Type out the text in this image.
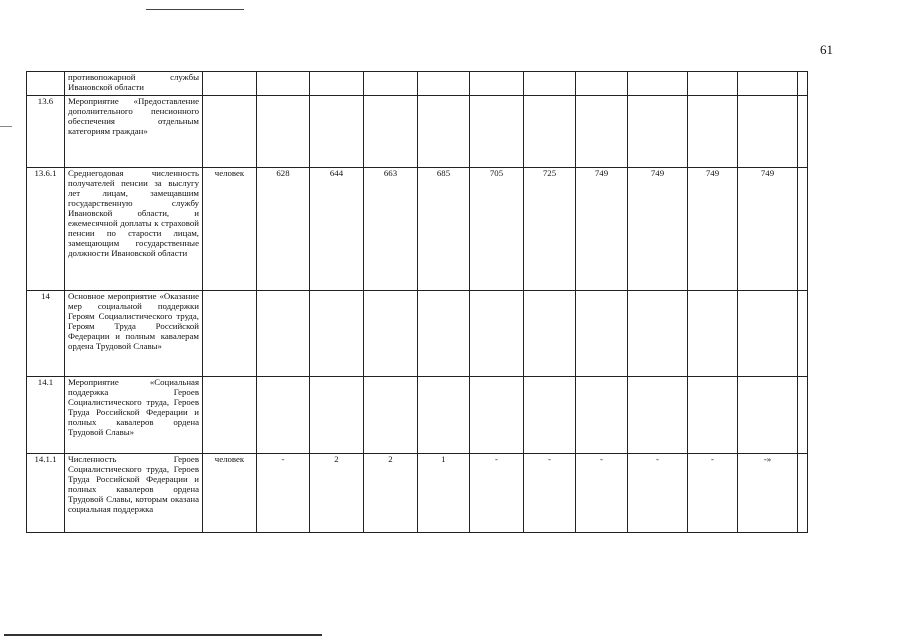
61
	противопожарной службы Ивановской области												
13.6	Мероприятие «Предоставление дополнительного пенсионного обеспечения отдельным категориям граждан»												
13.6.1	Среднегодовая численность получателей пенсии за выслугу лет лицам, замещавшим государственную службу Ивановской области, и ежемесячной доплаты к страховой пенсии по старости лицам, замещающим государственные должности Ивановской области	человек	628	644	663	685	705	725	749	749	749	749	
14	Основное мероприятие «Оказание мер социальной поддержки Героям Социалистического труда, Героям Труда Российской Федерации и полным кавалерам ордена Трудовой Славы»												
14.1	Мероприятие «Социальная поддержка Героев Социалистического труда, Героев Труда Российской Федерации и полных кавалеров ордена Трудовой Славы»												
14.1.1	Численность Героев Социалистического труда, Героев Труда Российской Федерации и полных кавалеров ордена Трудовой Славы, которым оказана социальная поддержка	человек	-	2	2	1	-	-	-	-	-	-»	
